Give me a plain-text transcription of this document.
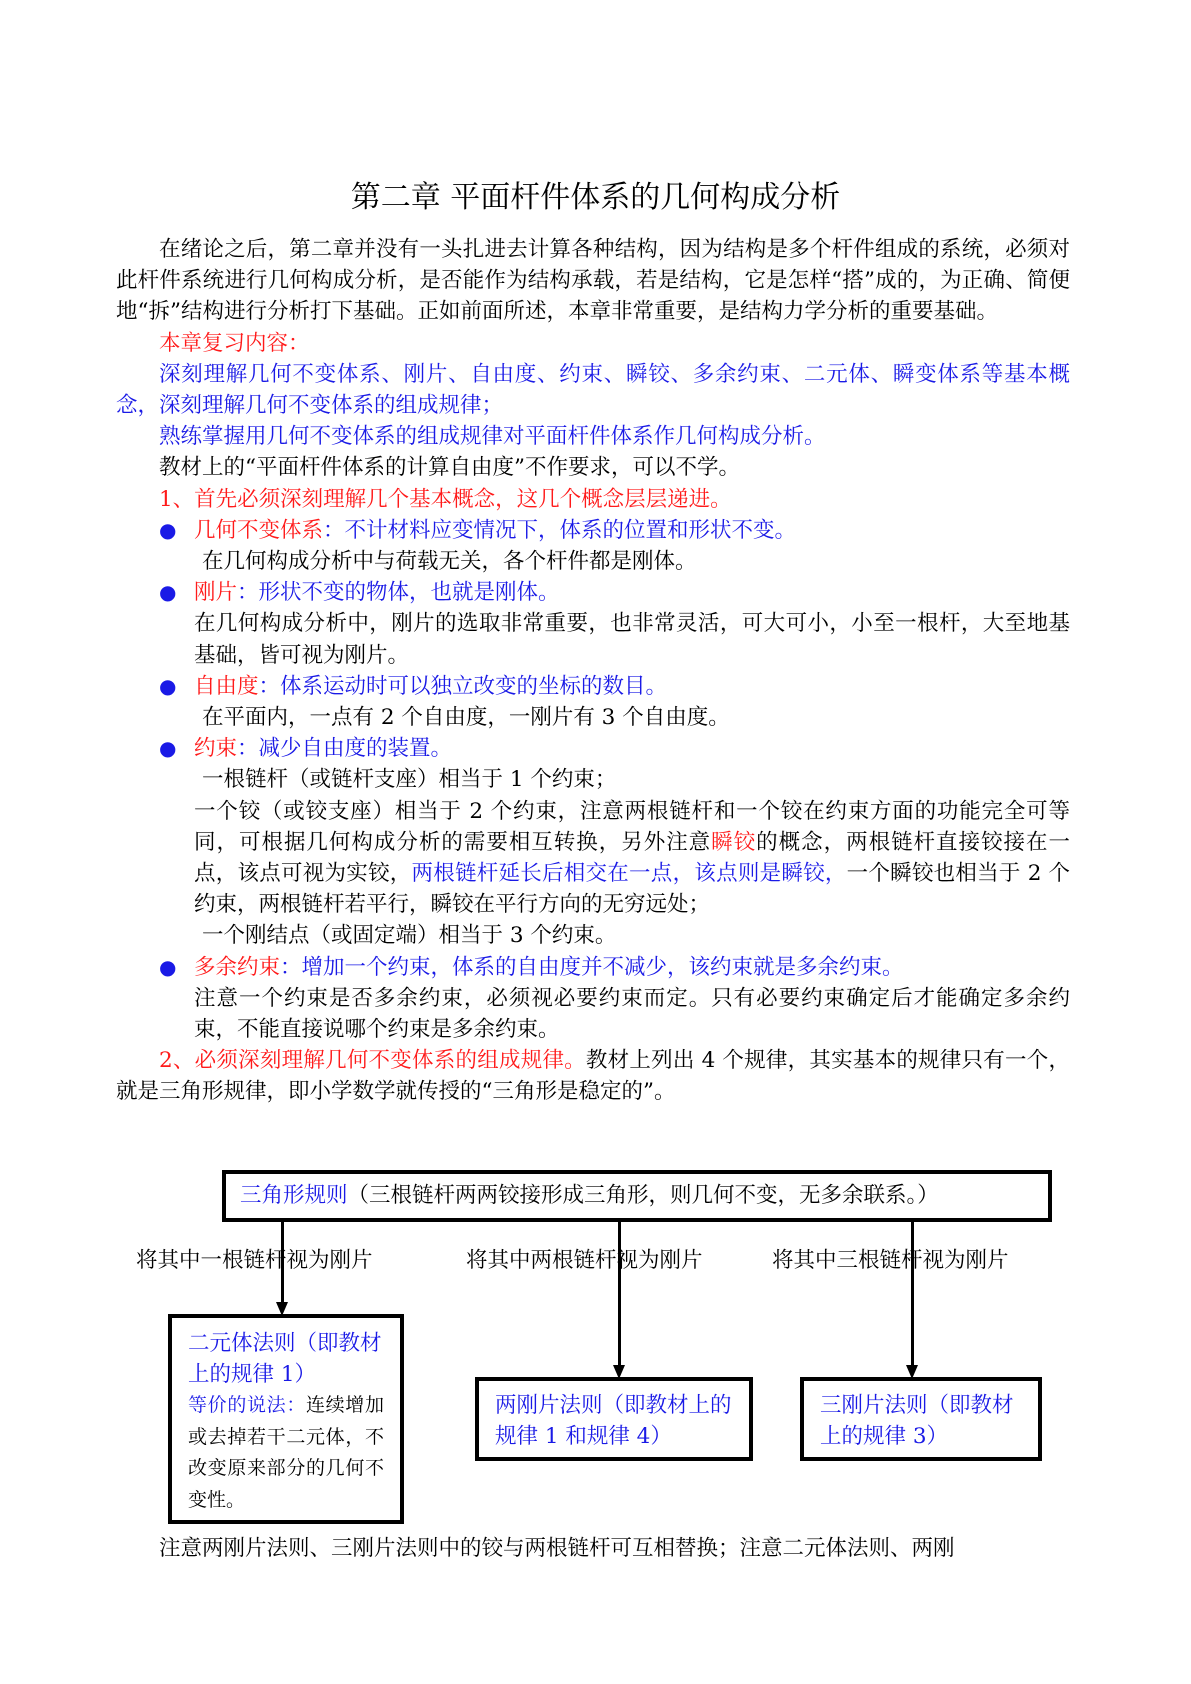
第二章 平面杆件体系的几何构成分析

在绪论之后，第二章并没有一头扎进去计算各种结构，因为结构是多个杆件组成的系统，必须对此杆件系统进行几何构成分析，是否能作为结构承载，若是结构，它是怎样“搭”成的，为正确、简便地“拆”结构进行分析打下基础。正如前面所述，本章非常重要，是结构力学分析的重要基础。

本章复习内容：

深刻理解几何不变体系、刚片、自由度、约束、瞬铰、多余约束、二元体、瞬变体系等基本概念，深刻理解几何不变体系的组成规律；

熟练掌握用几何不变体系的组成规律对平面杆件体系作几何构成分析。

教材上的“平面杆件体系的计算自由度”不作要求，可以不学。

1、首先必须深刻理解几个基本概念，这几个概念层层递进。

● 几何不变体系：不计材料应变情况下，体系的位置和形状不变。

在几何构成分析中与荷载无关，各个杆件都是刚体。

● 刚片：形状不变的物体，也就是刚体。

在几何构成分析中，刚片的选取非常重要，也非常灵活，可大可小，小至一根杆，大至地基基础，皆可视为刚片。

● 自由度：体系运动时可以独立改变的坐标的数目。

在平面内，一点有 2 个自由度，一刚片有 3 个自由度。

● 约束：减少自由度的装置。

一根链杆（或链杆支座）相当于 1 个约束；

一个铰（或铰支座）相当于 2 个约束，注意两根链杆和一个铰在约束方面的功能完全可等同，可根据几何构成分析的需要相互转换，另外注意瞬铰的概念，两根链杆直接铰接在一点，该点可视为实铰，两根链杆延长后相交在一点，该点则是瞬铰，一个瞬铰也相当于 2 个约束，两根链杆若平行，瞬铰在平行方向的无穷远处；

一个刚结点（或固定端）相当于 3 个约束。

● 多余约束：增加一个约束，体系的自由度并不减少，该约束就是多余约束。

注意一个约束是否多余约束，必须视必要约束而定。只有必要约束确定后才能确定多余约束，不能直接说哪个约束是多余约束。

2、必须深刻理解几何不变体系的组成规律。教材上列出 4 个规律，其实基本的规律只有一个，就是三角形规律，即小学数学就传授的“三角形是稳定的”。

三角形规则（三根链杆两两铰接形成三角形，则几何不变，无多余联系。）
将其中一根链杆视为刚片	将其中两根链杆视为刚片	将其中三根链杆视为刚片
二元体法则（即教材上的规律 1）
等价的说法：连续增加或去掉若干二元体，不改变原来部分的几何不变性。
两刚片法则（即教材上的规律 1 和规律 4）
三刚片法则（即教材上的规律 3）
注意两刚片法则、三刚片法则中的铰与两根链杆可互相替换；注意二元体法则、两刚
